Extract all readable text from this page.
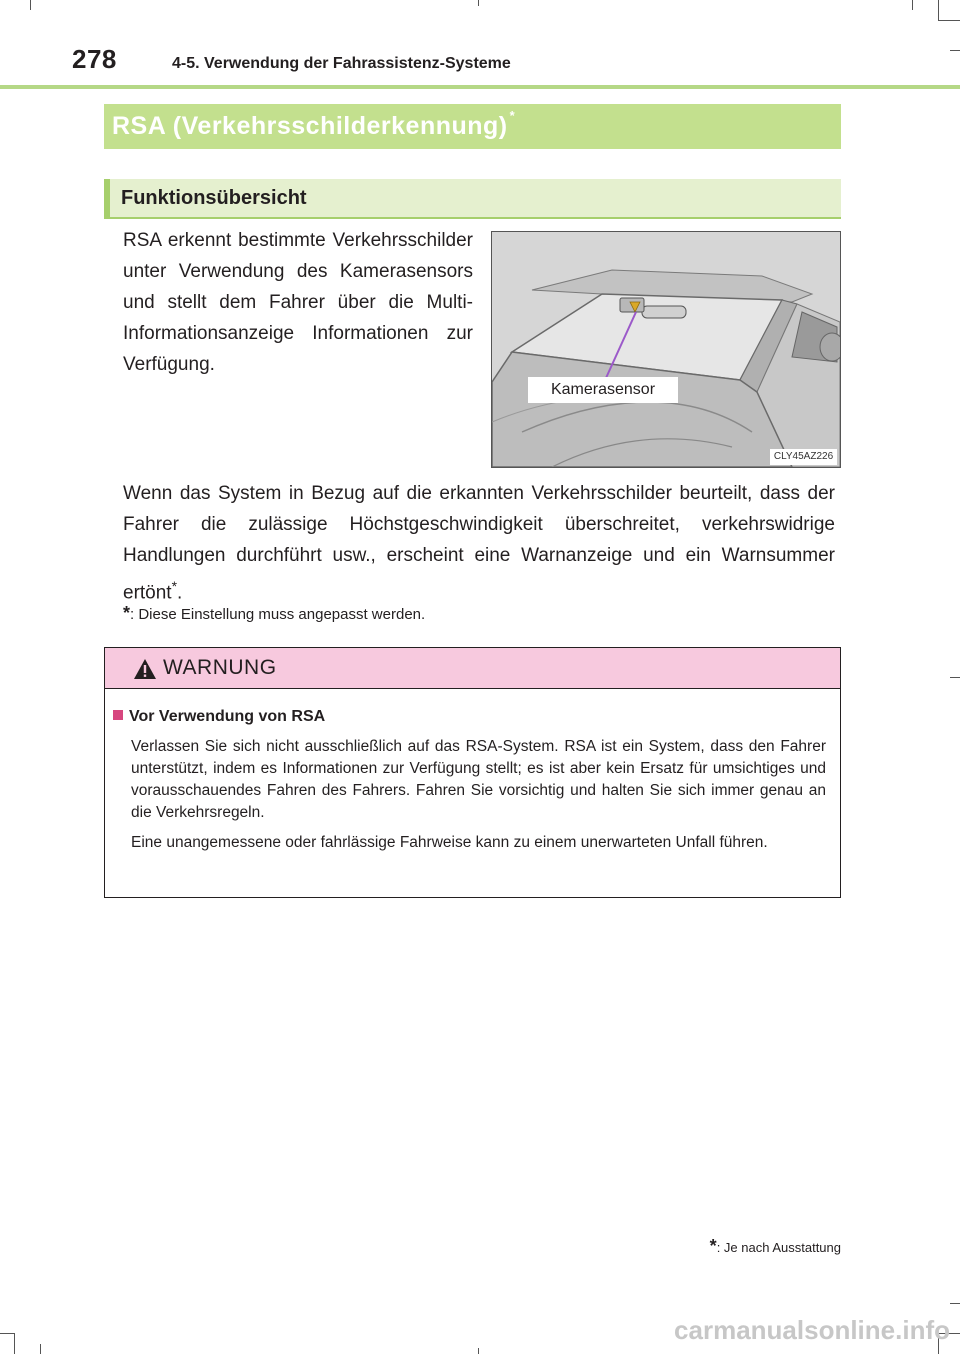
278	4-5. Verwendung der Fahrassistenz-Systeme
RSA (Verkehrsschilderkennung) *
Funktionsübersicht
RSA erkennt bestimmte Verkehrsschilder unter Verwendung des Kamerasensors und stellt dem Fahrer über die Multi-Informationsanzeige Informationen zur Verfügung.
Kamerasensor
CLY45AZ226
Wenn das System in Bezug auf die erkannten Verkehrsschilder beurteilt, dass der Fahrer die zulässige Höchstgeschwindigkeit überschreitet, verkehrswidrige Handlungen durchführt usw., erscheint eine Warnanzeige und ein Warnsummer ertönt*.
*: Diese Einstellung muss angepasst werden.
WARNUNG
Vor Verwendung von RSA
Verlassen Sie sich nicht ausschließlich auf das RSA-System. RSA ist ein System, dass den Fahrer unterstützt, indem es Informationen zur Verfügung stellt; es ist aber kein Ersatz für umsichtiges und vorausschauendes Fahren des Fahrers. Fahren Sie vorsichtig und halten Sie sich immer genau an die Verkehrsregeln.
Eine unangemessene oder fahrlässige Fahrweise kann zu einem unerwarteten Unfall führen.
*: Je nach Ausstattung
carmanualsonline.info
